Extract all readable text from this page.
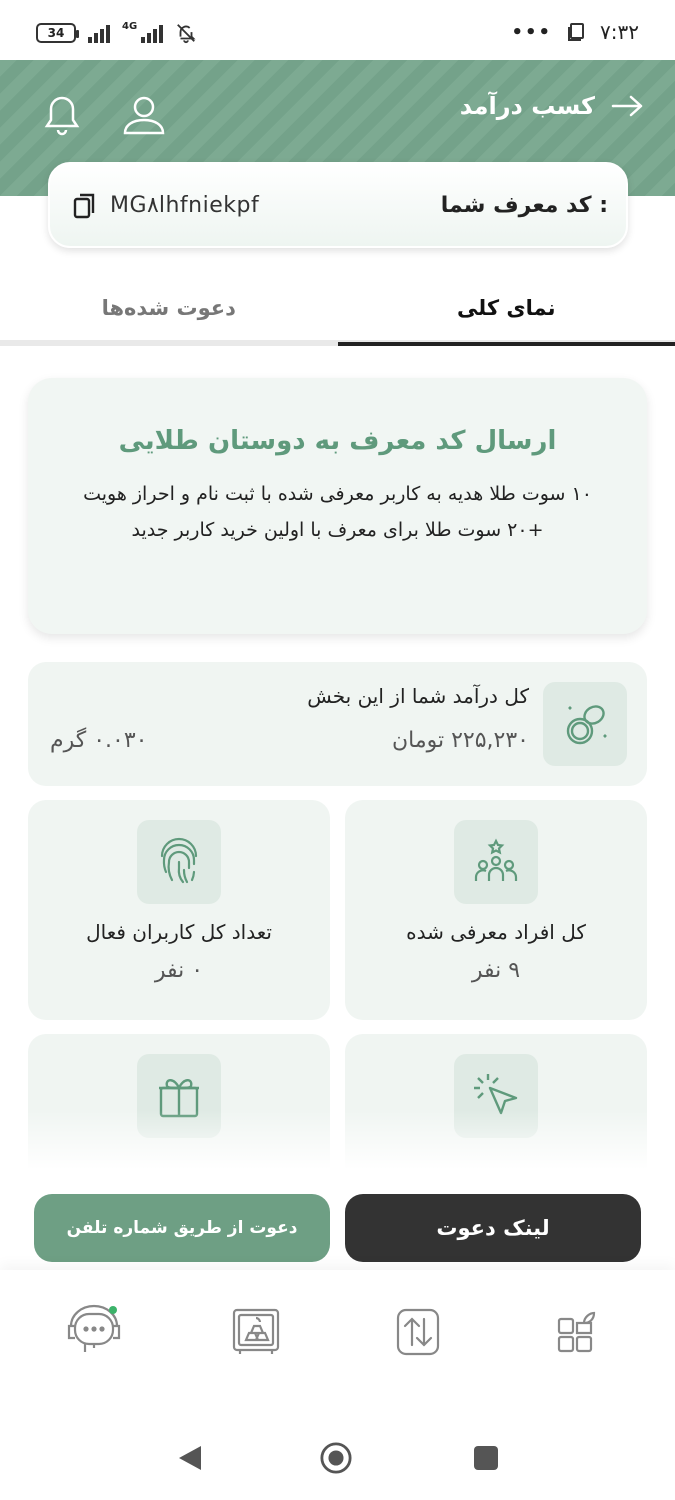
34	4G	••• ۷:۳۲
کسب درآمد
MG۸lhfniekpf	کد معرف شما :
نمای کلی
دعوت شده‌ها
ارسال کد معرف به دوستان طلایی
۱۰ سوت طلا هدیه به کاربر معرفی شده با ثبت نام و احراز هویت
+۲۰ سوت طلا برای معرف با اولین خرید کاربر جدید
کل درآمد شما از این بخش
۲۲۵,۲۳۰ تومان
۰.۰۳۰ گرم
کل افراد معرفی شده
۹ نفر
تعداد کل کاربران فعال
۰ نفر
لینک دعوت
دعوت از طریق شماره تلفن
